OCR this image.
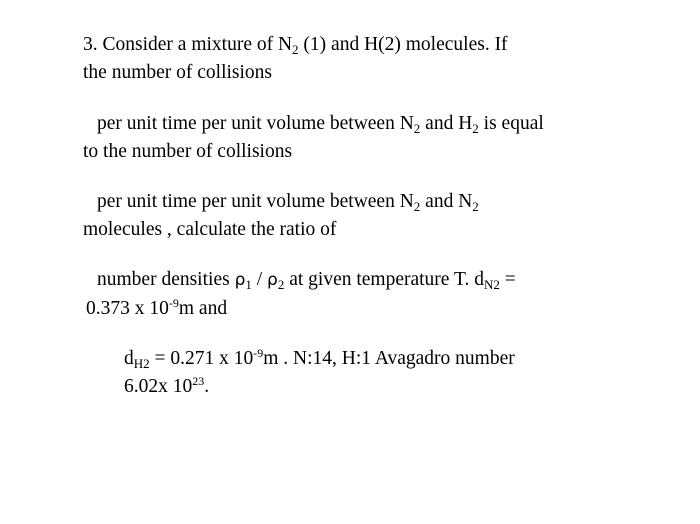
3. Consider a mixture of $N_2$ (1) and H(2) molecules. If
the number of collisions
per unit time per unit volume between $N_2$ and $H_2$ is equal
to the number of collisions
per unit time per unit volume between $N_2$ and $N_2$
molecules , calculate the ratio of
number densities $\rho_1 / \rho_2$ at given temperature T. $d_{N2}$ =
0.373 x $10^{-9}m$ and
$d_{H2} = 0.271$ x $10^{-9}m$ . N:14, H:1 Avagadro number
6.02x $10^{23}$.
